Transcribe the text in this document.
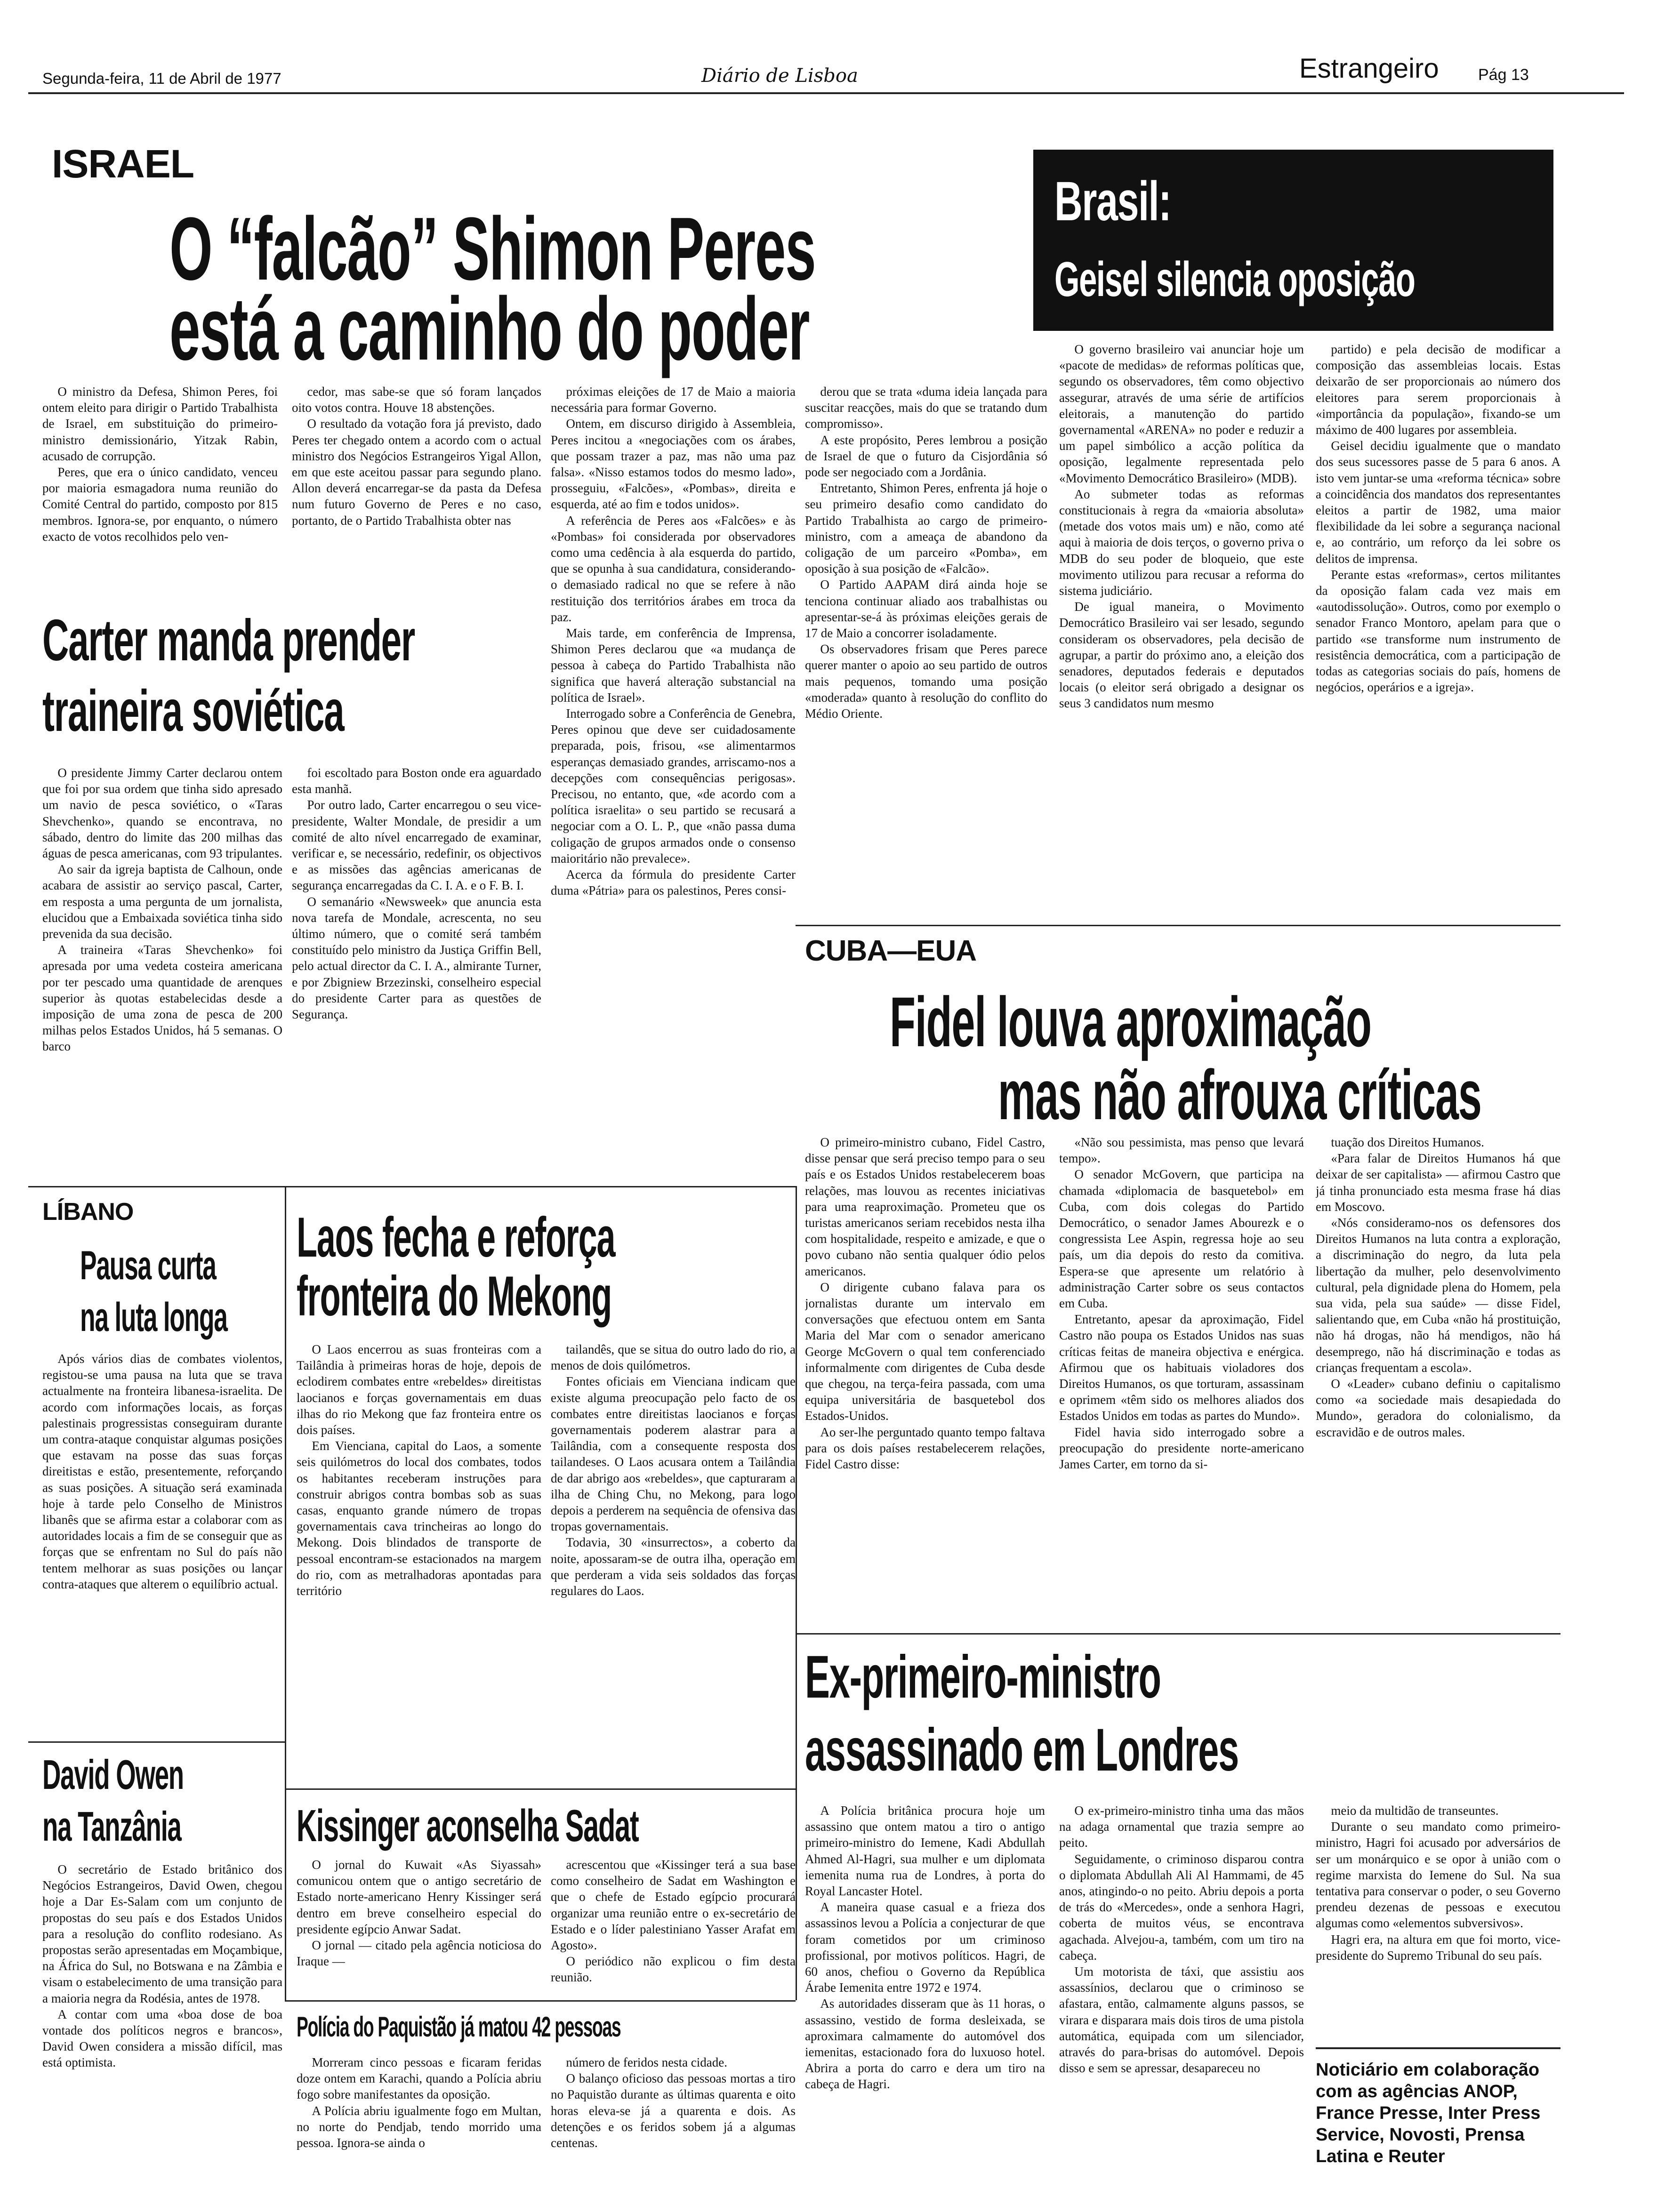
Segunda-feira, 11 de Abril de 1977	Diário de Lisboa	Estrangeiro Pág 13
ISRAEL
O “falcão” Shimon Peres
está a caminho do poder

O ministro da Defesa, Shimon Peres, foi ontem eleito para dirigir o Partido Trabalhista de Israel, em substituição do primeiro-ministro demissionário, Yitzak Rabin, acusado de corrupção.

Peres, que era o único candidato, venceu por maioria esmagadora numa reunião do Comité Central do partido, composto por 815 membros. Ignora-se, por enquanto, o número exacto de votos recolhidos pelo ven-

cedor, mas sabe-se que só foram lançados oito votos contra. Houve 18 abstenções.

O resultado da votação fora já previsto, dado Peres ter chegado ontem a acordo com o actual ministro dos Negócios Estrangeiros Yigal Allon, em que este aceitou passar para segundo plano. Allon deverá encarregar-se da pasta da Defesa num futuro Governo de Peres e no caso, portanto, de o Partido Trabalhista obter nas

próximas eleições de 17 de Maio a maioria necessária para formar Governo.

Ontem, em discurso dirigido à Assembleia, Peres incitou a «negociações com os árabes, que possam trazer a paz, mas não uma paz falsa». «Nisso estamos todos do mesmo lado», prosseguiu, «Falcões», «Pombas», direita e esquerda, até ao fim e todos unidos».

A referência de Peres aos «Falcões» e às «Pombas» foi considerada por observadores como uma cedência à ala esquerda do partido, que se opunha à sua candidatura, considerando-o demasiado radical no que se refere à não restituição dos territórios árabes em troca da paz.

Mais tarde, em conferência de Imprensa, Shimon Peres declarou que «a mudança de pessoa à cabeça do Partido Trabalhista não significa que haverá alteração substancial na política de Israel».

Interrogado sobre a Conferência de Genebra, Peres opinou que deve ser cuidadosamente preparada, pois, frisou, «se alimentarmos esperanças demasiado grandes, arriscamo-nos a decepções com consequências perigosas». Precisou, no entanto, que, «de acordo com a política israelita» o seu partido se recusará a negociar com a O. L. P., que «não passa duma coligação de grupos armados onde o consenso maioritário não prevalece».

Acerca da fórmula do presidente Carter duma «Pátria» para os palestinos, Peres consi-

derou que se trata «duma ideia lançada para suscitar reacções, mais do que se tratando dum compromisso».

A este propósito, Peres lembrou a posição de Israel de que o futuro da Cisjordânia só pode ser negociado com a Jordânia.

Entretanto, Shimon Peres, enfrenta já hoje o seu primeiro desafio como candidato do Partido Trabalhista ao cargo de primeiro-ministro, com a ameaça de abandono da coligação de um parceiro «Pomba», em oposição à sua posição de «Falcão».

O Partido AAPAM dirá ainda hoje se tenciona continuar aliado aos trabalhistas ou apresentar-se-á às próximas eleições gerais de 17 de Maio a concorrer isoladamente.

Os observadores frisam que Peres parece querer manter o apoio ao seu partido de outros mais pequenos, tomando uma posição «moderada» quanto à resolução do conflito do Médio Oriente.

Brasil:
Geisel silencia oposição

O governo brasileiro vai anunciar hoje um «pacote de medidas» de reformas políticas que, segundo os observadores, têm como objectivo assegurar, através de uma série de artifícios eleitorais, a manutenção do partido governamental «ARENA» no poder e reduzir a um papel simbólico a acção política da oposição, legalmente representada pelo «Movimento Democrático Brasileiro» (MDB).

Ao submeter todas as reformas constitucionais à regra da «maioria absoluta» (metade dos votos mais um) e não, como até aqui à maioria de dois terços, o governo priva o MDB do seu poder de bloqueio, que este movimento utilizou para recusar a reforma do sistema judiciário.

De igual maneira, o Movimento Democrático Brasileiro vai ser lesado, segundo consideram os observadores, pela decisão de agrupar, a partir do próximo ano, a eleição dos senadores, deputados federais e deputados locais (o eleitor será obrigado a designar os seus 3 candidatos num mesmo

partido) e pela decisão de modificar a composição das assembleias locais. Estas deixarão de ser proporcionais ao número dos eleitores para serem proporcionais à «importância da população», fixando-se um máximo de 400 lugares por assembleia.

Geisel decidiu igualmente que o mandato dos seus sucessores passe de 5 para 6 anos. A isto vem juntar-se uma «reforma técnica» sobre a coincidência dos mandatos dos representantes eleitos a partir de 1982, uma maior flexibilidade da lei sobre a segurança nacional e, ao contrário, um reforço da lei sobre os delitos de imprensa.

Perante estas «reformas», certos militantes da oposição falam cada vez mais em «autodissolução». Outros, como por exemplo o senador Franco Montoro, apelam para que o partido «se transforme num instrumento de resistência democrática, com a participação de todas as categorias sociais do país, homens de negócios, operários e a igreja».

Carter manda prender
traineira soviética

O presidente Jimmy Carter declarou ontem que foi por sua ordem que tinha sido apresado um navio de pesca soviético, o «Taras Shevchenko», quando se encontrava, no sábado, dentro do limite das 200 milhas das águas de pesca americanas, com 93 tripulantes.

Ao sair da igreja baptista de Calhoun, onde acabara de assistir ao serviço pascal, Carter, em resposta a uma pergunta de um jornalista, elucidou que a Embaixada soviética tinha sido prevenida da sua decisão.

A traineira «Taras Shevchenko» foi apresada por uma vedeta costeira americana por ter pescado uma quantidade de arenques superior às quotas estabelecidas desde a imposição de uma zona de pesca de 200 milhas pelos Estados Unidos, há 5 semanas. O barco

foi escoltado para Boston onde era aguardado esta manhã.

Por outro lado, Carter encarregou o seu vice-presidente, Walter Mondale, de presidir a um comité de alto nível encarregado de examinar, verificar e, se necessário, redefinir, os objectivos e as missões das agências americanas de segurança encarregadas da C. I. A. e o F. B. I.

O semanário «Newsweek» que anuncia esta nova tarefa de Mondale, acrescenta, no seu último número, que o comité será também constituído pelo ministro da Justiça Griffin Bell, pelo actual director da C. I. A., almirante Turner, e por Zbigniew Brzezinski, conselheiro especial do presidente Carter para as questões de Segurança.

CUBA—EUA
Fidel louva aproximação
mas não afrouxa críticas

O primeiro-ministro cubano, Fidel Castro, disse pensar que será preciso tempo para o seu país e os Estados Unidos restabelecerem boas relações, mas louvou as recentes iniciativas para uma reaproximação. Prometeu que os turistas americanos seriam recebidos nesta ilha com hospitalidade, respeito e amizade, e que o povo cubano não sentia qualquer ódio pelos americanos.

O dirigente cubano falava para os jornalistas durante um intervalo em conversações que efectuou ontem em Santa Maria del Mar com o senador americano George McGovern o qual tem conferenciado informalmente com dirigentes de Cuba desde que chegou, na terça-feira passada, com uma equipa universitária de basquetebol dos Estados-Unidos.

Ao ser-lhe perguntado quanto tempo faltava para os dois países restabelecerem relações, Fidel Castro disse:

«Não sou pessimista, mas penso que levará tempo».

O senador McGovern, que participa na chamada «diplomacia de basquetebol» em Cuba, com dois colegas do Partido Democrático, o senador James Abourezk e o congressista Lee Aspin, regressa hoje ao seu país, um dia depois do resto da comitiva. Espera-se que apresente um relatório à administração Carter sobre os seus contactos em Cuba.

Entretanto, apesar da aproximação, Fidel Castro não poupa os Estados Unidos nas suas críticas feitas de maneira objectiva e enérgica. Afirmou que os habituais violadores dos Direitos Humanos, os que torturam, assassinam e oprimem «têm sido os melhores aliados dos Estados Unidos em todas as partes do Mundo».

Fidel havia sido interrogado sobre a preocupação do presidente norte-americano James Carter, em torno da si-

tuação dos Direitos Humanos.

«Para falar de Direitos Humanos há que deixar de ser capitalista» — afirmou Castro que já tinha pronunciado esta mesma frase há dias em Moscovo.

«Nós consideramo-nos os defensores dos Direitos Humanos na luta contra a exploração, a discriminação do negro, da luta pela libertação da mulher, pelo desenvolvimento cultural, pela dignidade plena do Homem, pela sua vida, pela sua saúde» — disse Fidel, salientando que, em Cuba «não há prostituição, não há drogas, não há mendigos, não há desemprego, não há discriminação e todas as crianças frequentam a escola».

O «Leader» cubano definiu o capitalismo como «a sociedade mais desapiedada do Mundo», geradora do colonialismo, da escravidão e de outros males.

LÍBANO
Pausa curta
na luta longa

Após vários dias de combates violentos, registou-se uma pausa na luta que se trava actualmente na fronteira libanesa-israelita. De acordo com informações locais, as forças palestinais progressistas conseguiram durante um contra-ataque conquistar algumas posições que estavam na posse das suas forças direitistas e estão, presentemente, reforçando as suas posições. A situação será examinada hoje à tarde pelo Conselho de Ministros libanês que se afirma estar a colaborar com as autoridades locais a fim de se conseguir que as forças que se enfrentam no Sul do país não tentem melhorar as suas posições ou lançar contra-ataques que alterem o equilíbrio actual.

Laos fecha e reforça
fronteira do Mekong

O Laos encerrou as suas fronteiras com a Tailândia à primeiras horas de hoje, depois de eclodirem combates entre «rebeldes» direitistas laocianos e forças governamentais em duas ilhas do rio Mekong que faz fronteira entre os dois países.

Em Vienciana, capital do Laos, a somente seis quilómetros do local dos combates, todos os habitantes receberam instruções para construir abrigos contra bombas sob as suas casas, enquanto grande número de tropas governamentais cava trincheiras ao longo do Mekong. Dois blindados de transporte de pessoal encontram-se estacionados na margem do rio, com as metralhadoras apontadas para território

tailandês, que se situa do outro lado do rio, a menos de dois quilómetros.

Fontes oficiais em Vienciana indicam que existe alguma preocupação pelo facto de os combates entre direitistas laocianos e forças governamentais poderem alastrar para a Tailândia, com a consequente resposta dos tailandeses. O Laos acusara ontem a Tailândia de dar abrigo aos «rebeldes», que capturaram a ilha de Ching Chu, no Mekong, para logo depois a perderem na sequência de ofensiva das tropas governamentais.

Todavia, 30 «insurrectos», a coberto da noite, apossaram-se de outra ilha, operação em que perderam a vida seis soldados das forças regulares do Laos.

Ex-primeiro-ministro
assassinado em Londres

A Polícia britânica procura hoje um assassino que ontem matou a tiro o antigo primeiro-ministro do Iemene, Kadi Abdullah Ahmed Al-Hagri, sua mulher e um diplomata iemenita numa rua de Londres, à porta do Royal Lancaster Hotel.

A maneira quase casual e a frieza dos assassinos levou a Polícia a conjecturar de que foram cometidos por um criminoso profissional, por motivos políticos. Hagri, de 60 anos, chefiou o Governo da República Árabe Iemenita entre 1972 e 1974.

As autoridades disseram que às 11 horas, o assassino, vestido de forma desleixada, se aproximara calmamente do automóvel dos iemenitas, estacionado fora do luxuoso hotel. Abrira a porta do carro e dera um tiro na cabeça de Hagri.

O ex-primeiro-ministro tinha uma das mãos na adaga ornamental que trazia sempre ao peito.

Seguidamente, o criminoso disparou contra o diplomata Abdullah Ali Al Hammami, de 45 anos, atingindo-o no peito. Abriu depois a porta de trás do «Mercedes», onde a senhora Hagri, coberta de muitos véus, se encontrava agachada. Alvejou-a, também, com um tiro na cabeça.

Um motorista de táxi, que assistiu aos assassínios, declarou que o criminoso se afastara, então, calmamente alguns passos, se virara e disparara mais dois tiros de uma pistola automática, equipada com um silenciador, através do para-brisas do automóvel. Depois disso e sem se apressar, desapareceu no

meio da multidão de transeuntes.

Durante o seu mandato como primeiro-ministro, Hagri foi acusado por adversários de ser um monárquico e se opor à união com o regime marxista do Iemene do Sul. Na sua tentativa para conservar o poder, o seu Governo prendeu dezenas de pessoas e executou algumas como «elementos subversivos».

Hagri era, na altura em que foi morto, vice-presidente do Supremo Tribunal do seu país.

Noticiário em colaboração com as agências ANOP, France Presse, Inter Press Service, Novosti, Prensa Latina e Reuter
David Owen
na Tanzânia

O secretário de Estado britânico dos Negócios Estrangeiros, David Owen, chegou hoje a Dar Es-Salam com um conjunto de propostas do seu país e dos Estados Unidos para a resolução do conflito rodesiano. As propostas serão apresentadas em Moçambique, na África do Sul, no Botswana e na Zâmbia e visam o estabelecimento de uma transição para a maioria negra da Rodésia, antes de 1978.

A contar com uma «boa dose de boa vontade dos políticos negros e brancos», David Owen considera a missão difícil, mas está optimista.

Kissinger aconselha Sadat

O jornal do Kuwait «As Siyassah» comunicou ontem que o antigo secretário de Estado norte-americano Henry Kissinger será dentro em breve conselheiro especial do presidente egípcio Anwar Sadat.

O jornal — citado pela agência noticiosa do Iraque —

acrescentou que «Kissinger terá a sua base como conselheiro de Sadat em Washington e que o chefe de Estado egípcio procurará organizar uma reunião entre o ex-secretário de Estado e o líder palestiniano Yasser Arafat em Agosto».

O periódico não explicou o fim desta reunião.

Polícia do Paquistão já matou 42 pessoas

Morreram cinco pessoas e ficaram feridas doze ontem em Karachi, quando a Polícia abriu fogo sobre manifestantes da oposição.

A Polícia abriu igualmente fogo em Multan, no norte do Pendjab, tendo morrido uma pessoa. Ignora-se ainda o

número de feridos nesta cidade.

O balanço oficioso das pessoas mortas a tiro no Paquistão durante as últimas quarenta e oito horas eleva-se já a quarenta e dois. As detenções e os feridos sobem já a algumas centenas.
